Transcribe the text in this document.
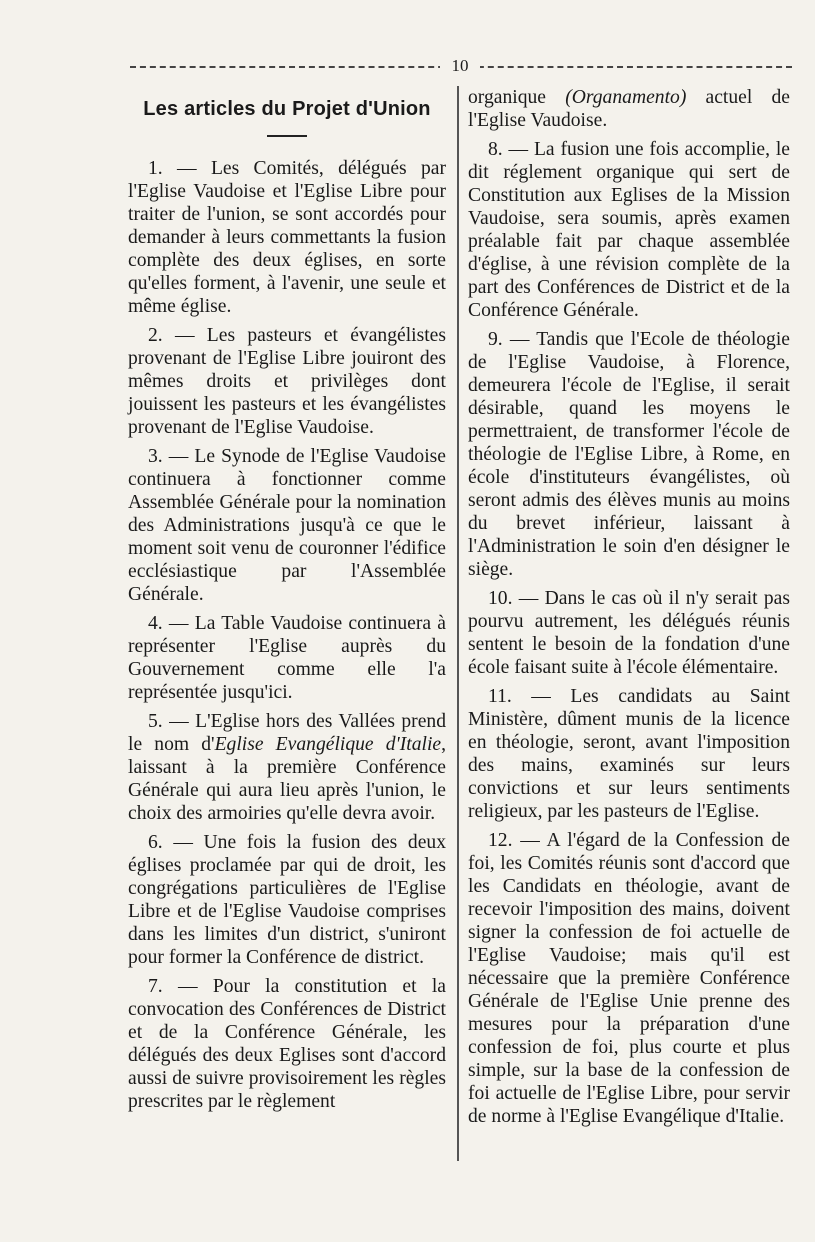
10
Les articles du Projet d'Union

1. — Les Comités, délégués par l'Eglise Vaudoise et l'Eglise Libre pour traiter de l'union, se sont accordés pour demander à leurs commettants la fusion complète des deux églises, en sorte qu'elles forment, à l'avenir, une seule et même église.

2. — Les pasteurs et évangélistes provenant de l'Eglise Libre jouiront des mêmes droits et privilèges dont jouissent les pasteurs et les évangélistes provenant de l'Eglise Vaudoise.

3. — Le Synode de l'Eglise Vaudoise continuera à fonctionner comme Assemblée Générale pour la nomination des Administrations jusqu'à ce que le moment soit venu de couronner l'édifice ecclésiastique par l'Assemblée Générale.

4. — La Table Vaudoise continuera à représenter l'Eglise auprès du Gouvernement comme elle l'a représentée jusqu'ici.

5. — L'Eglise hors des Vallées prend le nom d'Eglise Evangélique d'Italie, laissant à la première Conférence Générale qui aura lieu après l'union, le choix des armoiries qu'elle devra avoir.

6. — Une fois la fusion des deux églises proclamée par qui de droit, les congrégations particulières de l'Eglise Libre et de l'Eglise Vaudoise comprises dans les limites d'un district, s'uniront pour former la Conférence de district.

7. — Pour la constitution et la convocation des Conférences de District et de la Conférence Générale, les délégués des deux Eglises sont d'accord aussi de suivre provisoirement les règles prescrites par le règlement

organique (Organamento) actuel de l'Eglise Vaudoise.

8. — La fusion une fois accomplie, le dit réglement organique qui sert de Constitution aux Eglises de la Mission Vaudoise, sera soumis, après examen préalable fait par chaque assemblée d'église, à une révision complète de la part des Conférences de District et de la Conférence Générale.

9. — Tandis que l'Ecole de théologie de l'Eglise Vaudoise, à Florence, demeurera l'école de l'Eglise, il serait désirable, quand les moyens le permettraient, de transformer l'école de théologie de l'Eglise Libre, à Rome, en école d'instituteurs évangélistes, où seront admis des élèves munis au moins du brevet inférieur, laissant à l'Administration le soin d'en désigner le siège.

10. — Dans le cas où il n'y serait pas pourvu autrement, les délégués réunis sentent le besoin de la fondation d'une école faisant suite à l'école élémentaire.

11. — Les candidats au Saint Ministère, dûment munis de la licence en théologie, seront, avant l'imposition des mains, examinés sur leurs convictions et sur leurs sentiments religieux, par les pasteurs de l'Eglise.

12. — A l'égard de la Confession de foi, les Comités réunis sont d'accord que les Candidats en théologie, avant de recevoir l'imposition des mains, doivent signer la confession de foi actuelle de l'Eglise Vaudoise; mais qu'il est nécessaire que la première Conférence Générale de l'Eglise Unie prenne des mesures pour la préparation d'une confession de foi, plus courte et plus simple, sur la base de la confession de foi actuelle de l'Eglise Libre, pour servir de norme à l'Eglise Evangélique d'Italie.
